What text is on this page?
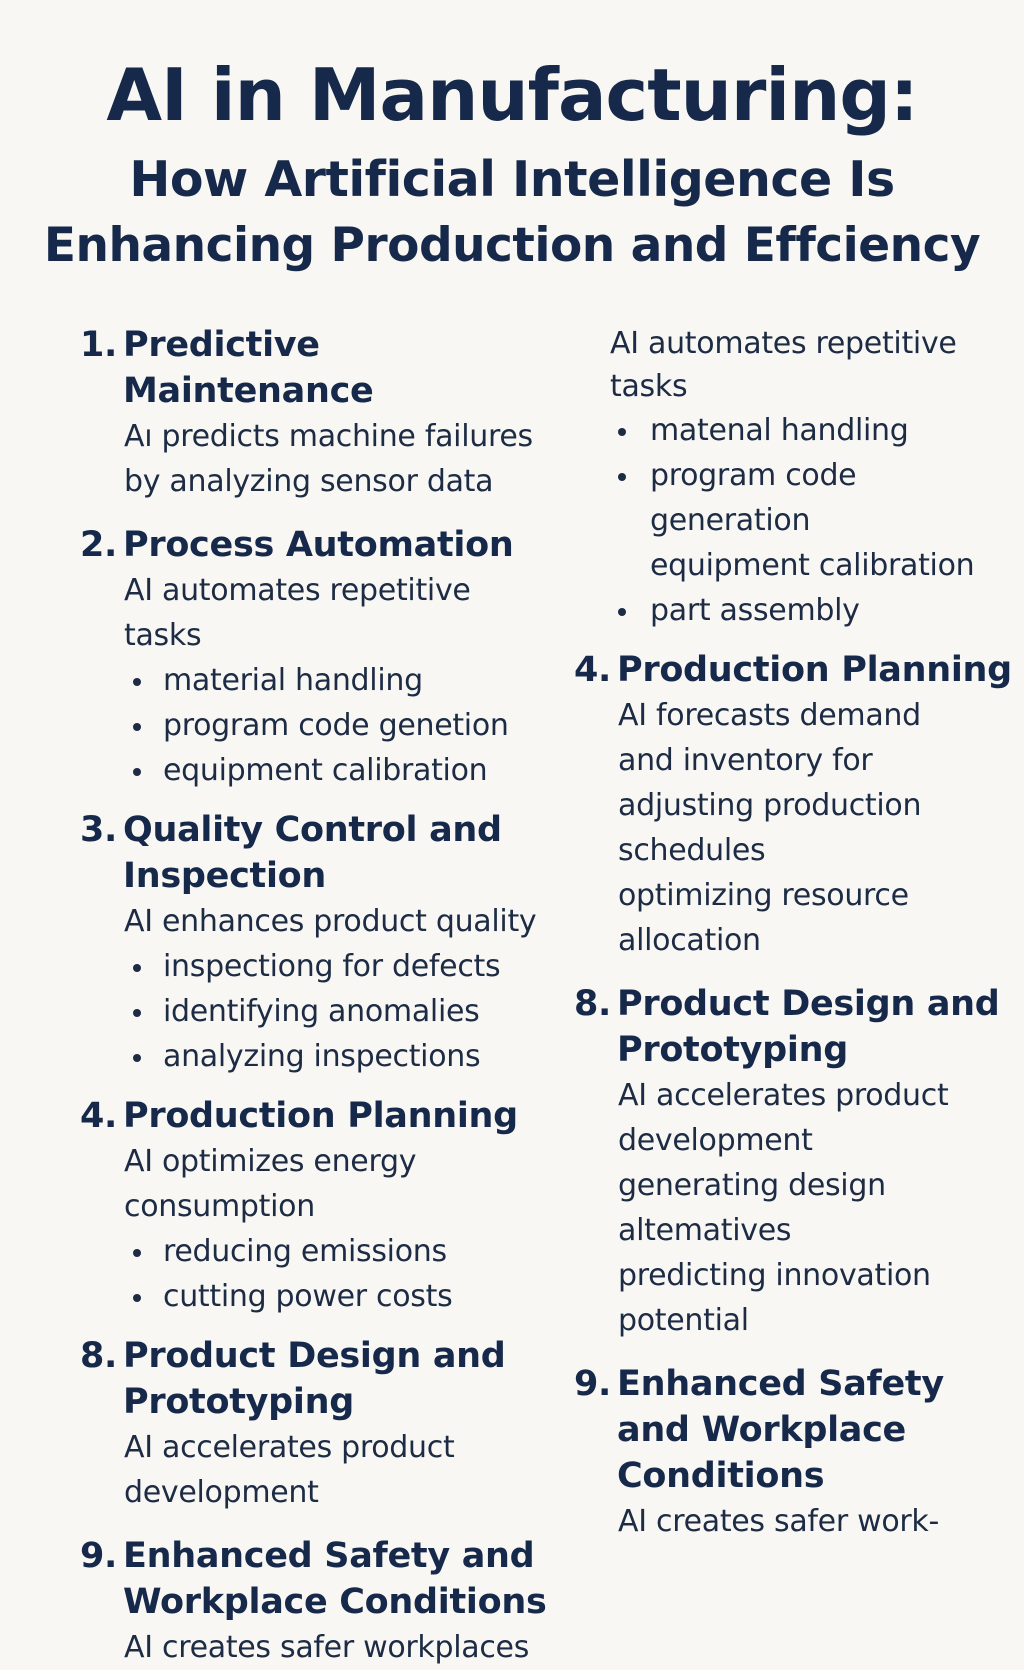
AI in Manufacturing:
How Artificial Intelligence Is
Enhancing Production and Effciency
1. Predictive Maintenance
Aı predicts machine failures
by analyzing sensor data
2. Process Automation
AI automates repetitive tasks
material handling
program code genetion
equipment calibration
3. Quality Control and
Inspection
AI enhances product quality
inspectiong for defects
identifying anomalies
analyzing inspections
4. Production Planning
AI optimizes energy
consumption
reducing emissions
cutting power costs
8. Product Design and
Prototyping
AI accelerates product
development
9. Enhanced Safety and
Workplace Conditions
AI creates safer workplaces
AI automates repetitive
tasks
matenal handling
program code
generation
equipment calibration
part assembly
4. Production Planning
AI forecasts demand
and inventory for
adjusting production
schedules
optimizing resource
allocation
8. Product Design and
Prototyping
AI accelerates product
development
generating design
altematives
predicting innovation
potential
9. Enhanced Safety
and Workplace
Conditions
AI creates safer work-
